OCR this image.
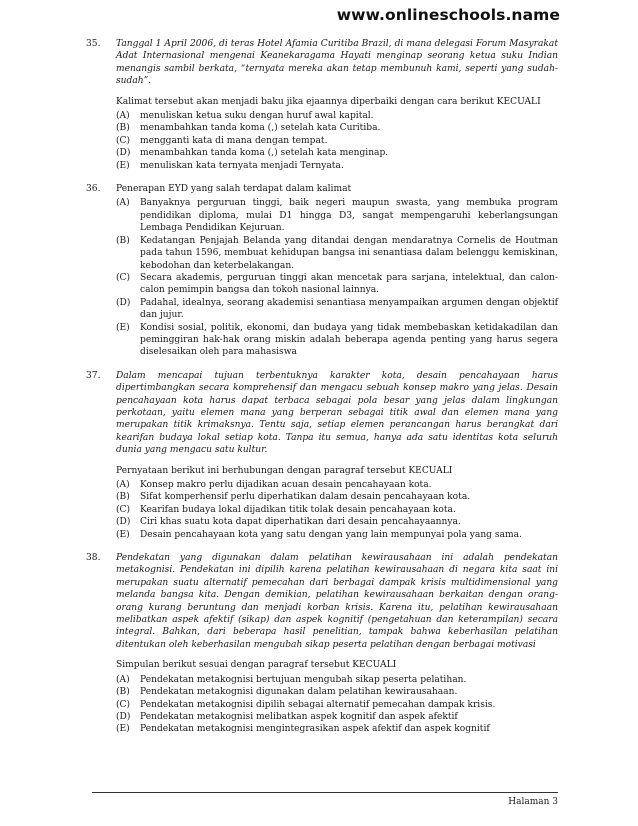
www.onlineschools.name
35. Tanggal 1 April 2006, di teras Hotel Afamia Curitiba Brazil, di mana delegasi Forum Masyrakat Adat Internasional mengenai Keanekaragama Hayati menginap seorang ketua suku Indian menangis sambil berkata, “ternyata mereka akan tetap membunuh kami, seperti yang sudah-sudah”.
Kalimat tersebut akan menjadi baku jika ejaannya diperbaiki dengan cara berikut KECUALI
(A) menuliskan ketua suku dengan huruf awal kapital.
(B) menambahkan tanda koma (,) setelah kata Curitiba.
(C) mengganti kata di mana dengan tempat.
(D) menambahkan tanda koma (,) setelah kata menginap.
(E) menuliskan kata ternyata menjadi Ternyata.
36. Penerapan EYD yang salah terdapat dalam kalimat
(A) Banyaknya perguruan tinggi, baik negeri maupun swasta, yang membuka program pendidikan diploma, mulai D1 hingga D3, sangat mempengaruhi keberlangsungan Lembaga Pendidikan Kejuruan.
(B) Kedatangan Penjajah Belanda yang ditandai dengan mendaratnya Cornelis de Houtman pada tahun 1596, membuat kehidupan bangsa ini senantiasa dalam belenggu kemiskinan, kebodohan dan keterbelakangan.
(C) Secara akademis, perguruan tinggi akan mencetak para sarjana, intelektual, dan calon-calon pemimpin bangsa dan tokoh nasional lainnya.
(D) Padahal, idealnya, seorang akademisi senantiasa menyampaikan argumen dengan objektif dan jujur.
(E) Kondisi sosial, politik, ekonomi, dan budaya yang tidak membebaskan ketidakadilan dan peminggiran hak-hak orang miskin adalah beberapa agenda penting yang harus segera diselesaikan oleh para mahasiswa
37. Dalam mencapai tujuan terbentuknya karakter kota, desain pencahayaan harus dipertimbangkan secara komprehensif dan mengacu sebuah konsep makro yang jelas. Desain pencahayaan kota harus dapat terbaca sebagai pola besar yang jelas dalam lingkungan perkotaan, yaitu elemen mana yang berperan sebagai titik awal dan elemen mana yang merupakan titik krimaksnya. Tentu saja, setiap elemen perancangan harus berangkat dari kearifan budaya lokal setiap kota. Tanpa itu semua, hanya ada satu identitas kota seluruh dunia yang mengacu satu kultur.
Pernyataan berikut ini berhubungan dengan paragraf tersebut KECUALI
(A) Konsep makro perlu dijadikan acuan desain pencahayaan kota.
(B) Sifat komperhensif perlu diperhatikan dalam desain pencahayaan kota.
(C) Kearifan budaya lokal dijadikan titik tolak desain pencahayaan kota.
(D) Ciri khas suatu kota dapat diperhatikan dari desain pencahayaannya.
(E) Desain pencahayaan kota yang satu dengan yang lain mempunyai pola yang sama.
38. Pendekatan yang digunakan dalam pelatihan kewirausahaan ini adalah pendekatan metakognisi. Pendekatan ini dipilih karena pelatihan kewirausahaan di negara kita saat ini merupakan suatu alternatif pemecahan dari berbagai dampak krisis multidimensional yang melanda bangsa kita. Dengan demikian, pelatihan kewirausahaan berkaitan dengan orang-orang kurang beruntung dan menjadi korban krisis. Karena itu, pelatihan kewirausahaan melibatkan aspek afektif (sikap) dan aspek kognitif (pengetahuan dan keterampilan) secara integral. Bahkan, dari beberapa hasil penelitian, tampak bahwa keberhasilan pelatihan ditentukan oleh keberhasilan mengubah sikap peserta pelatihan dengan berbagai motivasi
Simpulan berikut sesuai dengan paragraf tersebut KECUALI
(A) Pendekatan metakognisi bertujuan mengubah sikap peserta pelatihan.
(B) Pendekatan metakognisi digunakan dalam pelatihan kewirausahaan.
(C) Pendekatan metakognisi dipilih sebagai alternatif pemecahan dampak krisis.
(D) Pendekatan metakognisi melibatkan aspek kognitif dan aspek afektif
(E) Pendekatan metakognisi mengintegrasikan aspek afektif dan aspek kognitif
Halaman 3
